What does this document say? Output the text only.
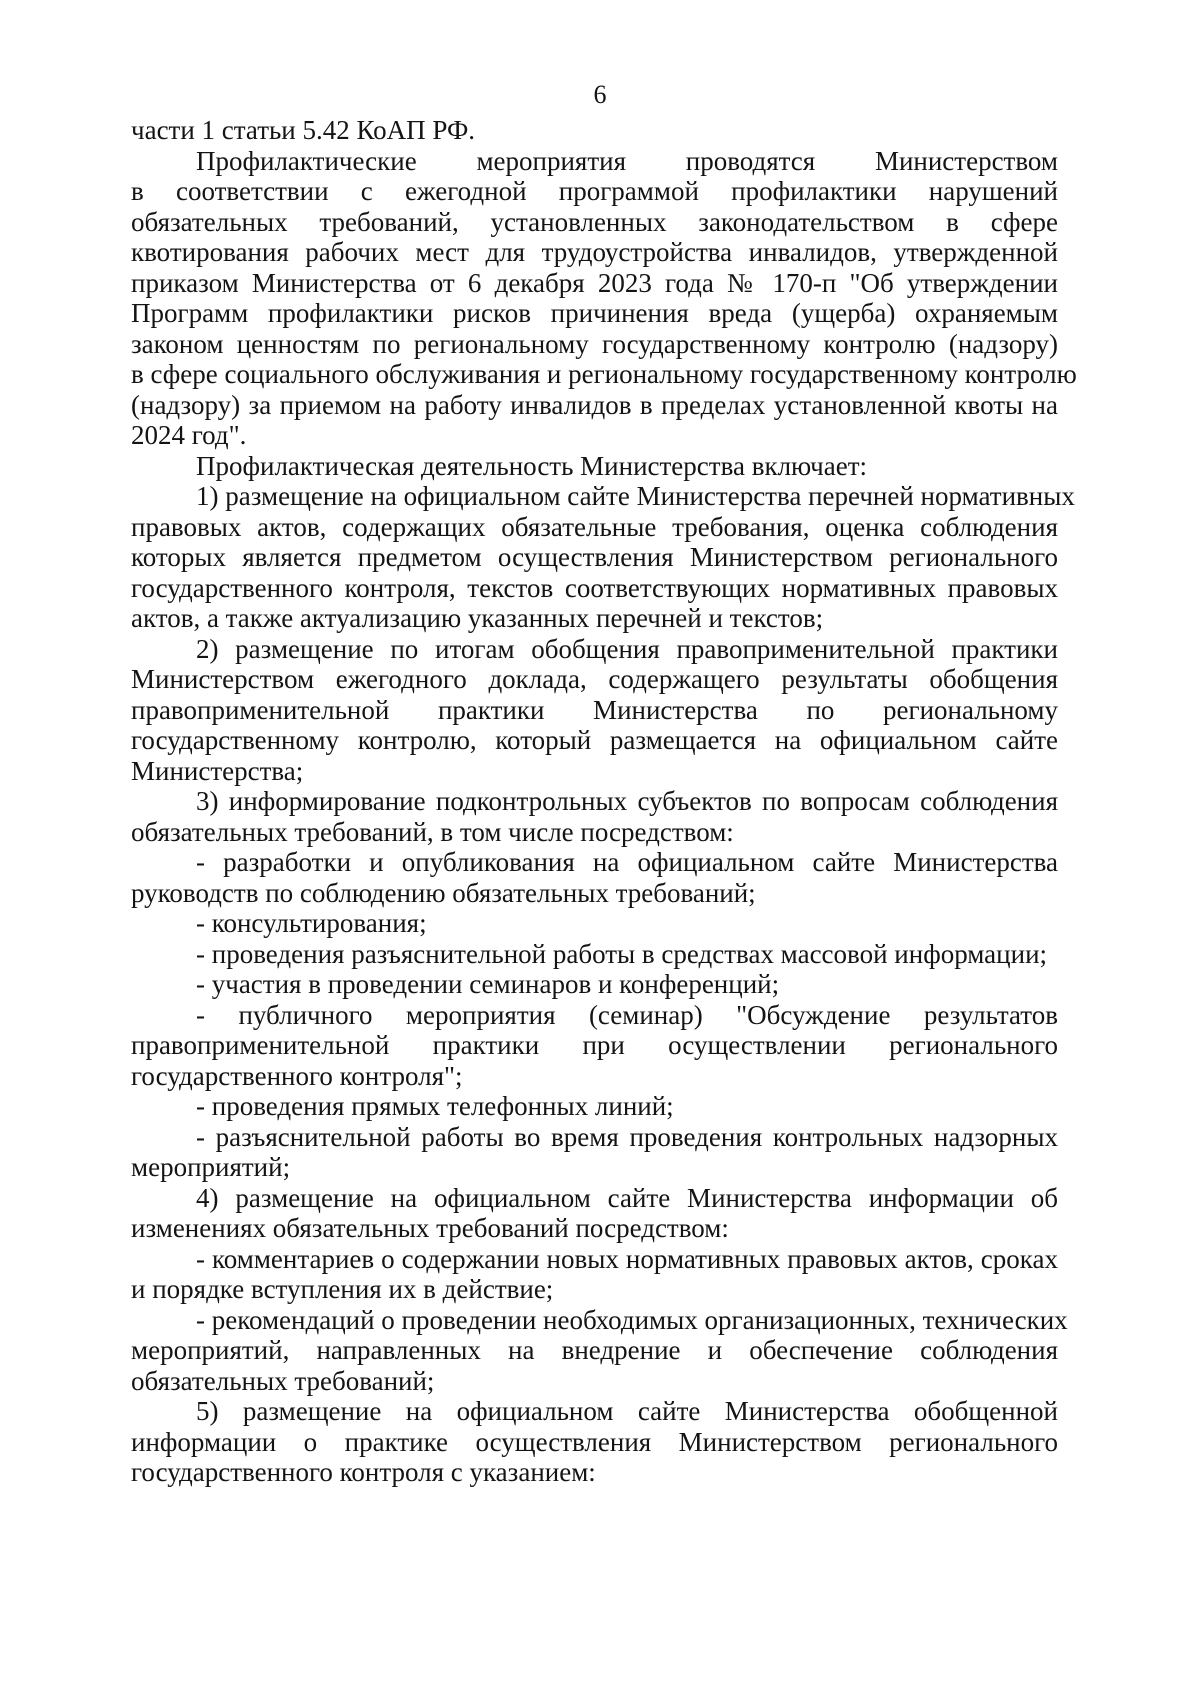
6
части 1 статьи 5.42 КоАП РФ.
Профилактические мероприятия проводятся Министерством
в соответствии с ежегодной программой профилактики нарушений
обязательных требований, установленных законодательством в сфере
квотирования рабочих мест для трудоустройства инвалидов, утвержденной
приказом Министерства от 6 декабря 2023 года № 170-п "Об утверждении
Программ профилактики рисков причинения вреда (ущерба) охраняемым
законом ценностям по региональному государственному контролю (надзору)
в сфере социального обслуживания и региональному государственному контролю
(надзору) за приемом на работу инвалидов в пределах установленной квоты на
2024 год".
Профилактическая деятельность Министерства включает:
1) размещение на официальном сайте Министерства перечней нормативных
правовых актов, содержащих обязательные требования, оценка соблюдения
которых является предметом осуществления Министерством регионального
государственного контроля, текстов соответствующих нормативных правовых
актов, а также актуализацию указанных перечней и текстов;
2) размещение по итогам обобщения правоприменительной практики
Министерством ежегодного доклада, содержащего результаты обобщения
правоприменительной практики Министерства по региональному
государственному контролю, который размещается на официальном сайте
Министерства;
3) информирование подконтрольных субъектов по вопросам соблюдения
обязательных требований, в том числе посредством:
- разработки и опубликования на официальном сайте Министерства
руководств по соблюдению обязательных требований;
- консультирования;
- проведения разъяснительной работы в средствах массовой информации;
- участия в проведении семинаров и конференций;
- публичного мероприятия (семинар) "Обсуждение результатов
правоприменительной практики при осуществлении регионального
государственного контроля";
- проведения прямых телефонных линий;
- разъяснительной работы во время проведения контрольных надзорных
мероприятий;
4) размещение на официальном сайте Министерства информации об
изменениях обязательных требований посредством:
- комментариев о содержании новых нормативных правовых актов, сроках
и порядке вступления их в действие;
- рекомендаций о проведении необходимых организационных, технических
мероприятий, направленных на внедрение и обеспечение соблюдения
обязательных требований;
5) размещение на официальном сайте Министерства обобщенной
информации о практике осуществления Министерством регионального
государственного контроля с указанием:
